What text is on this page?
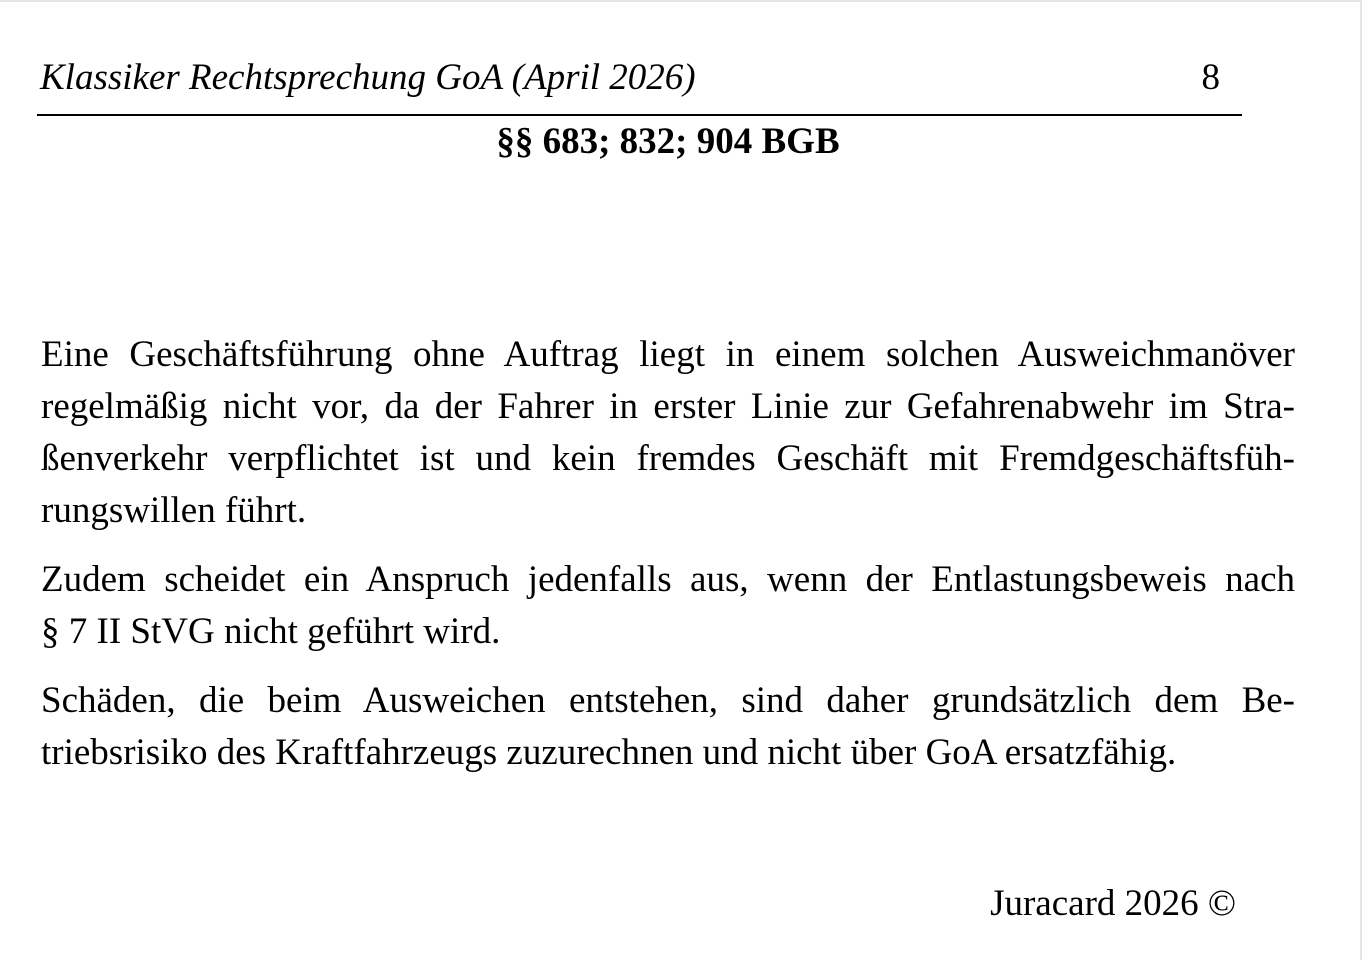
Klassiker Rechtsprechung GoA (April 2026)	8
§§ 683; 832; 904 BGB

Eine Geschäftsführung ohne Auftrag liegt in einem solchen Ausweichmanöver
regelmäßig nicht vor, da der Fahrer in erster Linie zur Gefahrenabwehr im Stra-
ßenverkehr verpflichtet ist und kein fremdes Geschäft mit Fremdgeschäftsfüh-
rungswillen führt.

Zudem scheidet ein Anspruch jedenfalls aus, wenn der Entlastungsbeweis nach
§ 7 II StVG nicht geführt wird.

Schäden, die beim Ausweichen entstehen, sind daher grundsätzlich dem Be-
triebsrisiko des Kraftfahrzeugs zuzurechnen und nicht über GoA ersatzfähig.

Juracard 2026 ©
